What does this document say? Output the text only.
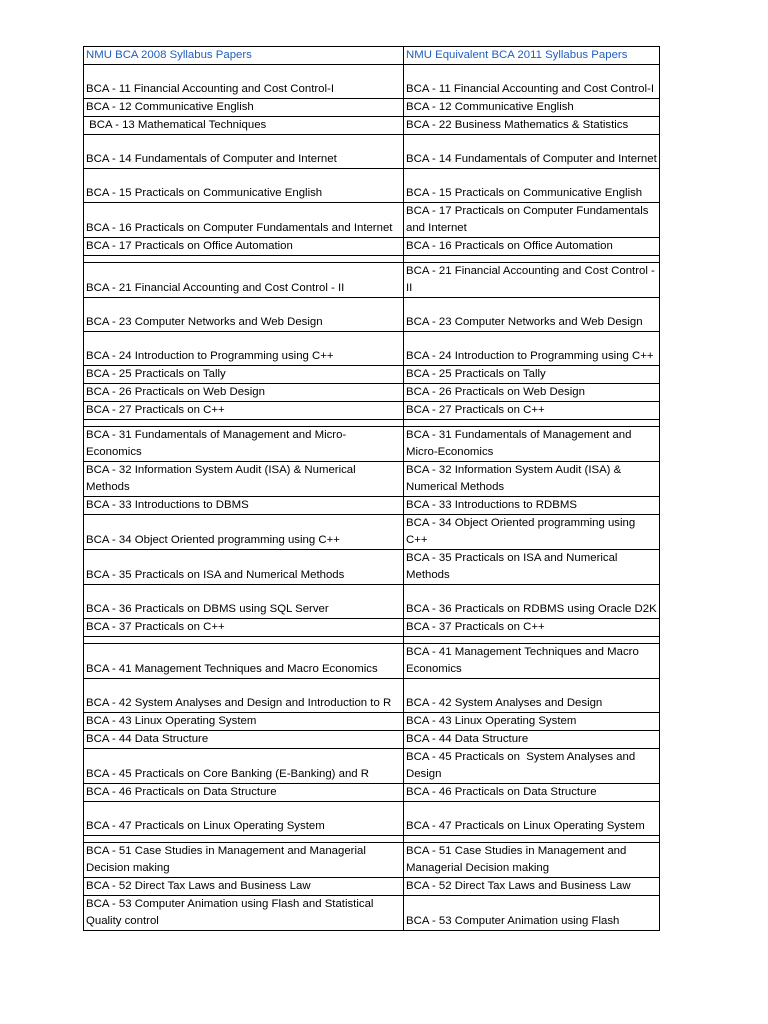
NMU BCA 2008 Syllabus Papers	NMU Equivalent BCA 2011 Syllabus Papers
BCA - 11 Financial Accounting and Cost Control-I	BCA - 11 Financial Accounting and Cost Control-I
BCA - 12 Communicative English	BCA - 12 Communicative English
BCA - 13 Mathematical Techniques	BCA - 22 Business Mathematics & Statistics
BCA - 14 Fundamentals of Computer and Internet	BCA - 14 Fundamentals of Computer and Internet
BCA - 15 Practicals on Communicative English	BCA - 15 Practicals on Communicative English
BCA - 16 Practicals on Computer Fundamentals and Internet	BCA - 17 Practicals on Computer Fundamentals and Internet
BCA - 17 Practicals on Office Automation	BCA - 16 Practicals on Office Automation

BCA - 21 Financial Accounting and Cost Control - II	BCA - 21 Financial Accounting and Cost Control - II
BCA - 23 Computer Networks and Web Design	BCA - 23 Computer Networks and Web Design
BCA - 24 Introduction to Programming using C++	BCA - 24 Introduction to Programming using C++
BCA - 25 Practicals on Tally	BCA - 25 Practicals on Tally
BCA - 26 Practicals on Web Design	BCA - 26 Practicals on Web Design
BCA - 27 Practicals on C++	BCA - 27 Practicals on C++

BCA - 31 Fundamentals of Management and Micro-Economics	BCA - 31 Fundamentals of Management and Micro-Economics
BCA - 32 Information System Audit (ISA) & Numerical Methods	BCA - 32 Information System Audit (ISA) & Numerical Methods
BCA - 33 Introductions to DBMS	BCA - 33 Introductions to RDBMS
BCA - 34 Object Oriented programming using C++	BCA - 34 Object Oriented programming using C++
BCA - 35 Practicals on ISA and Numerical Methods	BCA - 35 Practicals on ISA and Numerical Methods
BCA - 36 Practicals on DBMS using SQL Server	BCA - 36 Practicals on RDBMS using Oracle D2K
BCA - 37 Practicals on C++	BCA - 37 Practicals on C++

BCA - 41 Management Techniques and Macro Economics	BCA - 41 Management Techniques and Macro Economics
BCA - 42 System Analyses and Design and Introduction to R	BCA - 42 System Analyses and Design
BCA - 43 Linux Operating System	BCA - 43 Linux Operating System
BCA - 44 Data Structure	BCA - 44 Data Structure
BCA - 45 Practicals on Core Banking (E-Banking) and R	BCA - 45 Practicals on  System Analyses and Design
BCA - 46 Practicals on Data Structure	BCA - 46 Practicals on Data Structure
BCA - 47 Practicals on Linux Operating System	BCA - 47 Practicals on Linux Operating System

BCA - 51 Case Studies in Management and Managerial Decision making	BCA - 51 Case Studies in Management and Managerial Decision making
BCA - 52 Direct Tax Laws and Business Law	BCA - 52 Direct Tax Laws and Business Law
BCA - 53 Computer Animation using Flash and Statistical Quality control	BCA - 53 Computer Animation using Flash
